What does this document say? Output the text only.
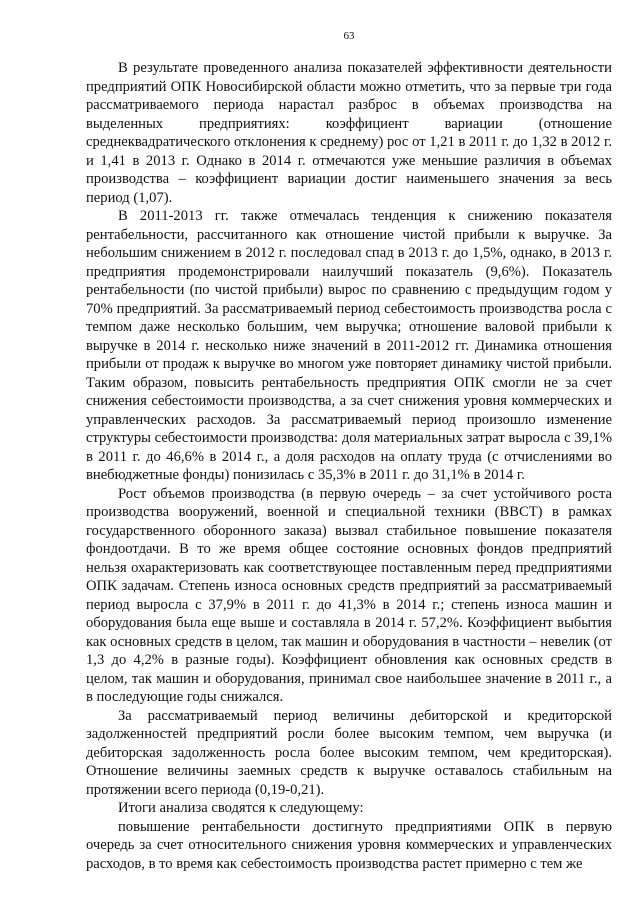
63

В результате проведенного анализа показателей эффективности деятельности предприятий ОПК Новосибирской области можно отметить, что за первые три года рассматриваемого периода нарастал разброс в объемах производства на выделенных предприятиях: коэффициент вариации (отношение среднеквадратического отклонения к среднему) рос от 1,21 в 2011 г. до 1,32 в 2012 г. и 1,41 в 2013 г. Однако в 2014 г. отмечаются уже меньшие различия в объемах производства – коэффициент вариации достиг наименьшего значения за весь период (1,07).

В 2011-2013 гг. также отмечалась тенденция к снижению показателя рентабельности, рассчитанного как отношение чистой прибыли к выручке. За небольшим снижением в 2012 г. последовал спад в 2013 г. до 1,5%, однако, в 2013 г. предприятия продемонстрировали наилучший показатель (9,6%). Показатель рентабельности (по чистой прибыли) вырос по сравнению с предыдущим годом у 70% предприятий. За рассматриваемый период себестоимость производства росла с темпом даже несколько большим, чем выручка; отношение валовой прибыли к выручке в 2014 г. несколько ниже значений в 2011-2012 гг. Динамика отношения прибыли от продаж к выручке во многом уже повторяет динамику чистой прибыли. Таким образом, повысить рентабельность предприятия ОПК смогли не за счет снижения себестоимости производства, а за счет снижения уровня коммерческих и управленческих расходов. За рассматриваемый период произошло изменение структуры себестоимости производства: доля материальных затрат выросла с 39,1% в 2011 г. до 46,6% в 2014 г., а доля расходов на оплату труда (с отчислениями во внебюджетные фонды) понизилась с 35,3% в 2011 г. до 31,1% в 2014 г.

Рост объемов производства (в первую очередь – за счет устойчивого роста производства вооружений, военной и специальной техники (ВВСТ) в рамках государственного оборонного заказа) вызвал стабильное повышение показателя фондоотдачи. В то же время общее состояние основных фондов предприятий нельзя охарактеризовать как соответствующее поставленным перед предприятиями ОПК задачам. Степень износа основных средств предприятий за рассматриваемый период выросла с 37,9% в 2011 г. до 41,3% в 2014 г.; степень износа машин и оборудования была еще выше и составляла в 2014 г. 57,2%. Коэффициент выбытия как основных средств в целом, так машин и оборудования в частности – невелик (от 1,3 до 4,2% в разные годы). Коэффициент обновления как основных средств в целом, так машин и оборудования, принимал свое наибольшее значение в 2011 г., а в последующие годы снижался.

За рассматриваемый период величины дебиторской и кредиторской задолженностей предприятий росли более высоким темпом, чем выручка (и дебиторская задолженность росла более высоким темпом, чем кредиторская). Отношение величины заемных средств к выручке оставалось стабильным на протяжении всего периода (0,19-0,21).

Итоги анализа сводятся к следующему:

повышение рентабельности достигнуто предприятиями ОПК в первую очередь за счет относительного снижения уровня коммерческих и управленческих расходов, в то время как себестоимость производства растет примерно с тем же
